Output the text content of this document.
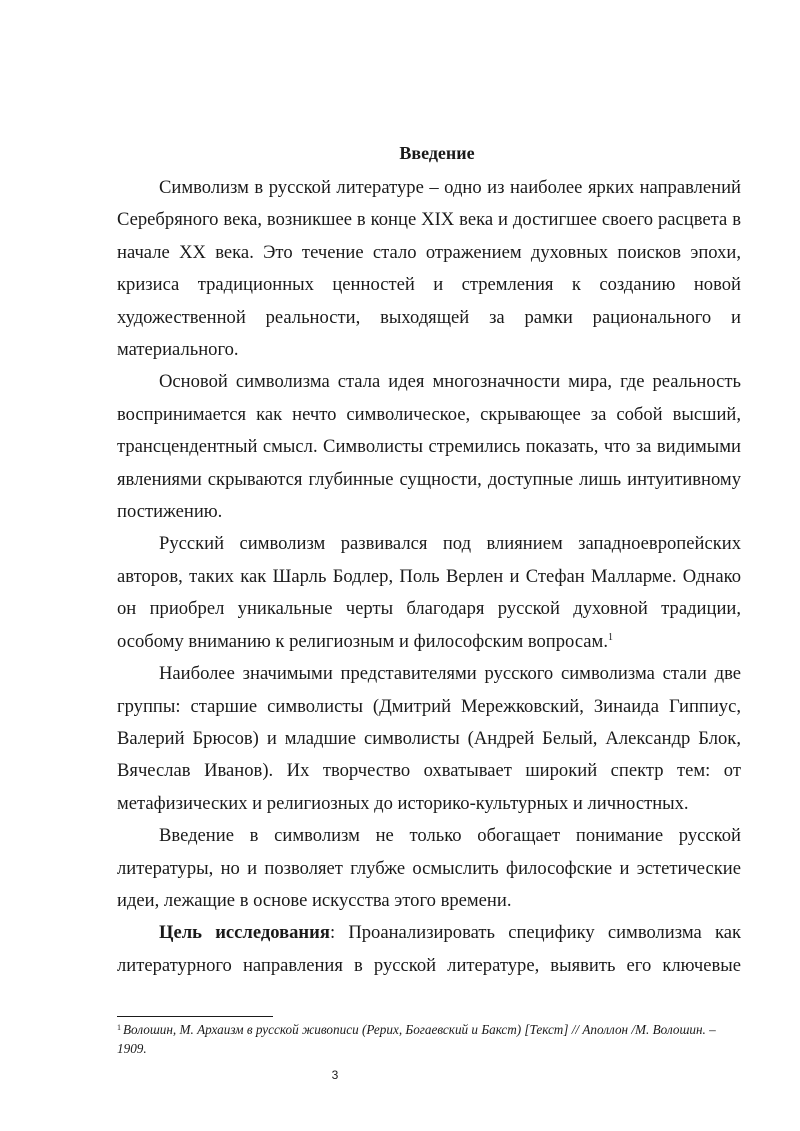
Введение

Символизм в русской литературе – одно из наиболее ярких направлений Серебряного века, возникшее в конце XIX века и достигшее своего расцвета в начале XX века. Это течение стало отражением духовных поисков эпохи, кризиса традиционных ценностей и стремления к созданию новой художественной реальности, выходящей за рамки рационального и материального.

Основой символизма стала идея многозначности мира, где реальность воспринимается как нечто символическое, скрывающее за собой высший, трансцендентный смысл. Символисты стремились показать, что за видимыми явлениями скрываются глубинные сущности, доступные лишь интуитивному постижению.

Русский символизм развивался под влиянием западноевропейских авторов, таких как Шарль Бодлер, Поль Верлен и Стефан Малларме. Однако он приобрел уникальные черты благодаря русской духовной традиции, особому вниманию к религиозным и философским вопросам.$^1$

Наиболее значимыми представителями русского символизма стали две группы: старшие символисты (Дмитрий Мережковский, Зинаида Гиппиус, Валерий Брюсов) и младшие символисты (Андрей Белый, Александр Блок, Вячеслав Иванов). Их творчество охватывает широкий спектр тем: от метафизических и религиозных до историко-культурных и личностных.

Введение в символизм не только обогащает понимание русской литературы, но и позволяет глубже осмыслить философские и эстетические идеи, лежащие в основе искусства этого времени.

Цель исследования: Проанализировать специфику символизма как литературного направления в русской литературе, выявить его ключевые

$^1$ Волошин, М. Архаизм в русской живописи (Рерих, Богаевский и Бакст) [Текст] // Аполлон /М. Волошин. –1909.
3
